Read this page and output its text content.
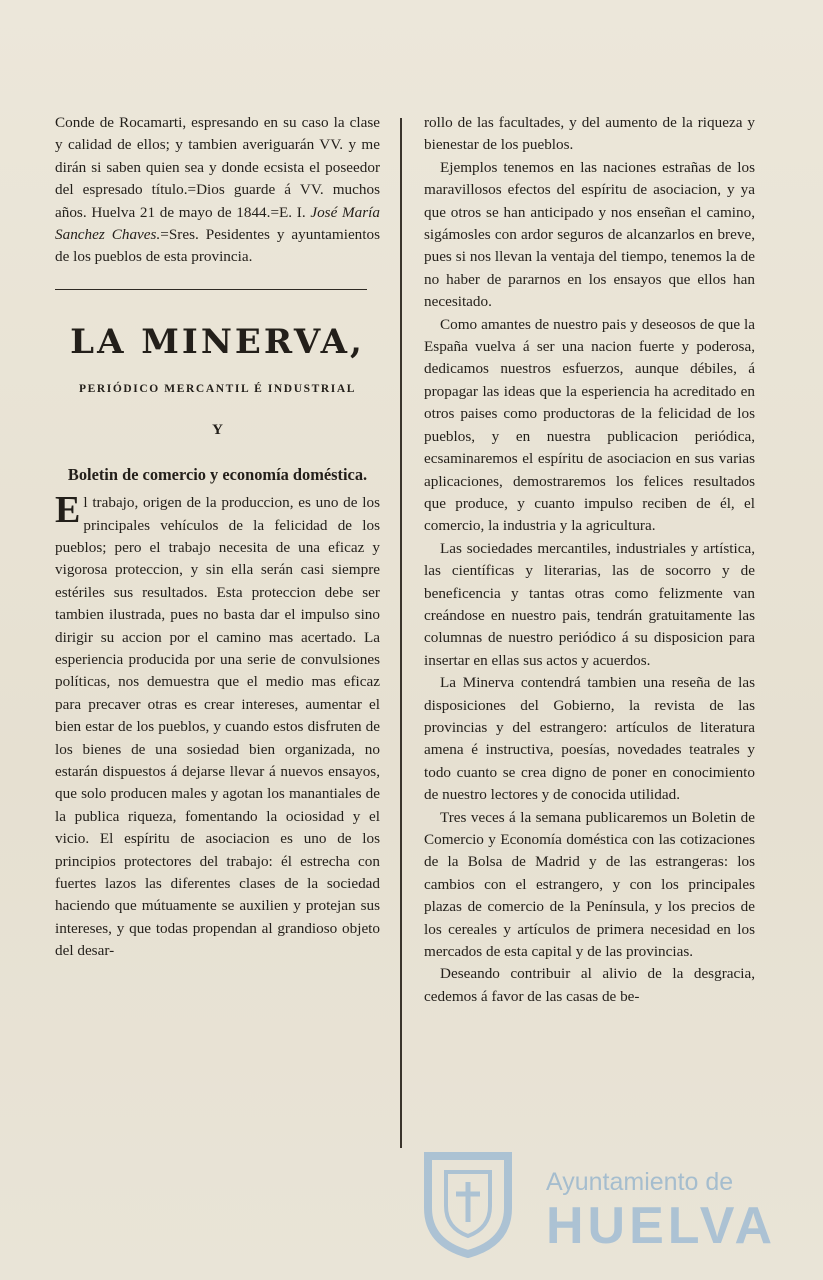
Conde de Rocamarti, espresando en su caso la clase y calidad de ellos; y tambien averiguarán VV. y me dirán si saben quien sea y donde ecsista el poseedor del espresado título.=Dios guarde á VV. muchos años. Huelva 21 de mayo de 1844.=E. I. José María Sanchez Chaves.=Sres. Pesidentes y ayuntamientos de los pueblos de esta provincia.

LA MINERVA,
PERIÓDICO MERCANTIL É INDUSTRIAL
Y
Boletin de comercio y economía doméstica.

El trabajo, origen de la produccion, es uno de los principales vehículos de la felicidad de los pueblos; pero el trabajo necesita de una eficaz y vigorosa proteccion, y sin ella serán casi siempre estériles sus resultados. Esta proteccion debe ser tambien ilustrada, pues no basta dar el impulso sino dirigir su accion por el camino mas acertado. La esperiencia producida por una serie de convulsiones políticas, nos demuestra que el medio mas eficaz para precaver otras es crear intereses, aumentar el bien estar de los pueblos, y cuando estos disfruten de los bienes de una sosiedad bien organizada, no estarán dispuestos á dejarse llevar á nuevos ensayos, que solo producen males y agotan los manantiales de la publica riqueza, fomentando la ociosidad y el vicio. El espíritu de asociacion es uno de los principios protectores del trabajo: él estrecha con fuertes lazos las diferentes clases de la sociedad haciendo que mútuamente se auxilien y protejan sus intereses, y que todas propendan al grandioso objeto del desar-

rollo de las facultades, y del aumento de la riqueza y bienestar de los pueblos.

Ejemplos tenemos en las naciones estrañas de los maravillosos efectos del espíritu de asociacion, y ya que otros se han anticipado y nos enseñan el camino, sigámosles con ardor seguros de alcanzarlos en breve, pues si nos llevan la ventaja del tiempo, tenemos la de no haber de pararnos en los ensayos que ellos han necesitado.

Como amantes de nuestro pais y deseosos de que la España vuelva á ser una nacion fuerte y poderosa, dedicamos nuestros esfuerzos, aunque débiles, á propagar las ideas que la esperiencia ha acreditado en otros paises como productoras de la felicidad de los pueblos, y en nuestra publicacion periódica, ecsaminaremos el espíritu de asociacion en sus varias aplicaciones, demostraremos los felices resultados que produce, y cuanto impulso reciben de él, el comercio, la industria y la agricultura.

Las sociedades mercantiles, industriales y artística, las científicas y literarias, las de socorro y de beneficencia y tantas otras como felizmente van creándose en nuestro pais, tendrán gratuitamente las columnas de nuestro periódico á su disposicion para insertar en ellas sus actos y acuerdos.

La Minerva contendrá tambien una reseña de las disposiciones del Gobierno, la revista de las provincias y del estrangero: artículos de literatura amena é instructiva, poesías, novedades teatrales y todo cuanto se crea digno de poner en conocimiento de nuestro lectores y de conocida utilidad.

Tres veces á la semana publicaremos un Boletin de Comercio y Economía doméstica con las cotizaciones de la Bolsa de Madrid y de las estrangeras: los cambios con el estrangero, y con los principales plazas de comercio de la Península, y los precios de los cereales y artículos de primera necesidad en los mercados de esta capital y de las provincias.

Deseando contribuir al alivio de la desgracia, cedemos á favor de las casas de be-

Ayuntamiento de
HUELVA
